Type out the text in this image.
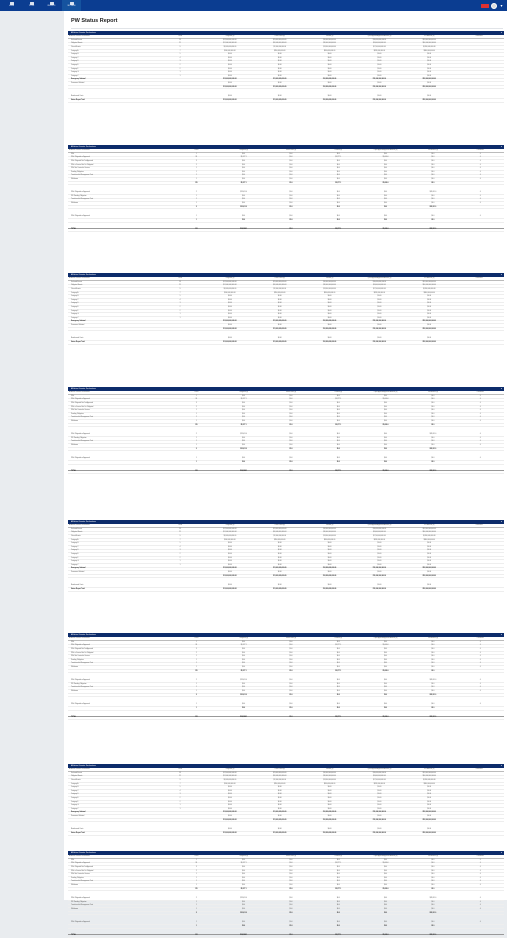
HOME	TOOLS	REPORTS	SETTINGS	▾
PW Status Report
All Active Disaster Declarations	▴
All Active Disaster Declarations	Count	Obligated ($)	Latest Work ($)	Funded ($)	Open Applied/Approved Amount ($)	PW Amount ($)	Comments
Declared Events	23	$12,000,000,000.00	$11,000,000,000.00	$9,000,000,000.00	$10,000,000,000.00	$11,000,000,000.00	
Obligated Events	21	$11,000,000,000.00	$10,000,000,000.00	$8,000,000,000.00	$9,000,000,000.00	$10,000,000,000.00	
Closed Events	9	$2,000,000,000.00	$1,900,000,000.00	$1,800,000,000.00	$1,700,000,000.00	$1,800,000,000.00	
Category A	7	$900,000,000.00	$850,000,000.00	$800,000,000.00	$820,000,000.00	$840,000,000.00	
Category B	5	$0.00	$0.00	$0.00	$0.00	$0.00	
Category C	4	$0.00	$0.00	$0.00	$0.00	$0.00	
Category D	3	$0.00	$0.00	$0.00	$0.00	$0.00	
Category E	2	$0.00	$0.00	$0.00	$0.00	$0.00	
Category F	2	$0.00	$0.00	$0.00	$0.00	$0.00	
Category G	1	$0.00	$0.00	$0.00	$0.00	$0.00	
Category Z	1	$0.00	$0.00	$0.00	$0.00	$0.00	
Emergency Subtotal		$13,000,000,000.00	$11,000,000,000.00	$12,000,000,000.00	$11,000,000,000.00	$12,000,000,000.00	
Permanent Subtotal		$0.00	$0.00	$0.00	$0.00	$0.00	
		$13,000,000,000.00	$11,000,000,000.00	$12,000,000,000.00	$11,000,000,000.00	$12,000,000,000.00	

Reimbursed Costs		$0.00	$0.00	$0.00	$0.00	$0.00	
Status Report Total		$13,000,000,000.00	$11,000,000,000.00	$12,000,000,000.00	$11,000,000,000.00	$12,000,000,000.00	
All Active Disaster Declarations	▴
All Active Disaster Declarations	Count	Obligated ($)	Latest Work ($)	Funded ($)	Open Applied/Approved Amount ($)	PW Amount ($)	Comments
PWs	1	$0.0	$0.0	$0.0	$0.0	$0.0	0
PWs Obligated as Approved	24	$5,377.1	$0.0	$5,377.1	$5,000.0	$0.0	0
PWs Obligated Not Yet Approved	3	$0.0	$0.0	$0.0	$0.0	$0.0	0
PWs in Version Not Yet Obligated	2	$0.0	$0.0	$0.0	$0.0	$0.0	0
PWs Not Created in Version	1	$0.0	$0.0	$0.0	$0.0	$0.0	0
Pending Obligation	1	$0.0	$0.0	$0.0	$0.0	$0.0	0
Transferred to Management Cost	1	$0.0	$0.0	$0.0	$0.0	$0.0	0
Withdrawn	1	$0.0	$0.0	$0.0	$0.0	$0.0	0
	115	$5,377.1	$0.0	$5,377.1	$5,000.0	$0.0	

PWs Obligated as Approved	2	$23,011.0	$0.0	$0.0	$0.0	$23,011.0	0
PW Pending Obligation	1	$0.0	$0.0	$0.0	$0.0	$0.0	0
Transferred to Management Cost	1	$0.0	$0.0	$0.0	$0.0	$0.0	0
Withdrawn	1	$0.0	$0.0	$0.0	$0.0	$0.0	0
	5	$23,011.0	$0.0	$0.0	$0.0	$23,011.0	

PWs Obligated as Approved	1	$0.0	$0.0	$0.0	$0.0	$0.0	0
	1	$0.0	$0.0	$0.0	$0.0	$0.0	

TOTAL	121	$28,388.1	$0.0	$5,377.1	$5,000.0	$23,011.0	
All Active Disaster Declarations	▴
All Active Disaster Declarations	Count	Obligated ($)	Latest Work ($)	Funded ($)	Open Applied/Approved Amount ($)	PW Amount ($)	Comments
Declared Events	23	$12,000,000,000.00	$11,000,000,000.00	$9,000,000,000.00	$10,000,000,000.00	$11,000,000,000.00	
Obligated Events	21	$11,000,000,000.00	$10,000,000,000.00	$8,000,000,000.00	$9,000,000,000.00	$10,000,000,000.00	
Closed Events	9	$2,000,000,000.00	$1,900,000,000.00	$1,800,000,000.00	$1,700,000,000.00	$1,800,000,000.00	
Category A	7	$900,000,000.00	$850,000,000.00	$800,000,000.00	$820,000,000.00	$840,000,000.00	
Category B	5	$0.00	$0.00	$0.00	$0.00	$0.00	
Category C	4	$0.00	$0.00	$0.00	$0.00	$0.00	
Category D	3	$0.00	$0.00	$0.00	$0.00	$0.00	
Category E	2	$0.00	$0.00	$0.00	$0.00	$0.00	
Category F	2	$0.00	$0.00	$0.00	$0.00	$0.00	
Category G	1	$0.00	$0.00	$0.00	$0.00	$0.00	
Category Z	1	$0.00	$0.00	$0.00	$0.00	$0.00	
Emergency Subtotal		$13,000,000,000.00	$11,000,000,000.00	$12,000,000,000.00	$11,000,000,000.00	$12,000,000,000.00	
Permanent Subtotal		$0.00	$0.00	$0.00	$0.00	$0.00	
		$13,000,000,000.00	$11,000,000,000.00	$12,000,000,000.00	$11,000,000,000.00	$12,000,000,000.00	

Reimbursed Costs		$0.00	$0.00	$0.00	$0.00	$0.00	
Status Report Total		$13,000,000,000.00	$11,000,000,000.00	$12,000,000,000.00	$11,000,000,000.00	$12,000,000,000.00	
All Active Disaster Declarations	▴
All Active Disaster Declarations	Count	Obligated ($)	Latest Work ($)	Funded ($)	Open Applied/Approved Amount ($)	PW Amount ($)	Comments
PWs	1	$0.0	$0.0	$0.0	$0.0	$0.0	0
PWs Obligated as Approved	24	$5,377.1	$0.0	$5,377.1	$5,000.0	$0.0	0
PWs Obligated Not Yet Approved	3	$0.0	$0.0	$0.0	$0.0	$0.0	0
PWs in Version Not Yet Obligated	2	$0.0	$0.0	$0.0	$0.0	$0.0	0
PWs Not Created in Version	1	$0.0	$0.0	$0.0	$0.0	$0.0	0
Pending Obligation	1	$0.0	$0.0	$0.0	$0.0	$0.0	0
Transferred to Management Cost	1	$0.0	$0.0	$0.0	$0.0	$0.0	0
Withdrawn	1	$0.0	$0.0	$0.0	$0.0	$0.0	0
	115	$5,377.1	$0.0	$5,377.1	$5,000.0	$0.0	

PWs Obligated as Approved	2	$23,011.0	$0.0	$0.0	$0.0	$23,011.0	0
PW Pending Obligation	1	$0.0	$0.0	$0.0	$0.0	$0.0	0
Transferred to Management Cost	1	$0.0	$0.0	$0.0	$0.0	$0.0	0
Withdrawn	1	$0.0	$0.0	$0.0	$0.0	$0.0	0
	5	$23,011.0	$0.0	$0.0	$0.0	$23,011.0	

PWs Obligated as Approved	1	$0.0	$0.0	$0.0	$0.0	$0.0	0
	1	$0.0	$0.0	$0.0	$0.0	$0.0	

TOTAL	121	$28,388.1	$0.0	$5,377.1	$5,000.0	$23,011.0	
All Active Disaster Declarations	▴
All Active Disaster Declarations	Count	Obligated ($)	Latest Work ($)	Funded ($)	Open Applied/Approved Amount ($)	PW Amount ($)	Comments
Declared Events	23	$12,000,000,000.00	$11,000,000,000.00	$9,000,000,000.00	$10,000,000,000.00	$11,000,000,000.00	
Obligated Events	21	$11,000,000,000.00	$10,000,000,000.00	$8,000,000,000.00	$9,000,000,000.00	$10,000,000,000.00	
Closed Events	9	$2,000,000,000.00	$1,900,000,000.00	$1,800,000,000.00	$1,700,000,000.00	$1,800,000,000.00	
Category A	7	$900,000,000.00	$850,000,000.00	$800,000,000.00	$820,000,000.00	$840,000,000.00	
Category B	5	$0.00	$0.00	$0.00	$0.00	$0.00	
Category C	4	$0.00	$0.00	$0.00	$0.00	$0.00	
Category D	3	$0.00	$0.00	$0.00	$0.00	$0.00	
Category E	2	$0.00	$0.00	$0.00	$0.00	$0.00	
Category F	2	$0.00	$0.00	$0.00	$0.00	$0.00	
Category G	1	$0.00	$0.00	$0.00	$0.00	$0.00	
Category Z	1	$0.00	$0.00	$0.00	$0.00	$0.00	
Emergency Subtotal		$13,000,000,000.00	$11,000,000,000.00	$12,000,000,000.00	$11,000,000,000.00	$12,000,000,000.00	
Permanent Subtotal		$0.00	$0.00	$0.00	$0.00	$0.00	
		$13,000,000,000.00	$11,000,000,000.00	$12,000,000,000.00	$11,000,000,000.00	$12,000,000,000.00	

Reimbursed Costs		$0.00	$0.00	$0.00	$0.00	$0.00	
Status Report Total		$13,000,000,000.00	$11,000,000,000.00	$12,000,000,000.00	$11,000,000,000.00	$12,000,000,000.00	
All Active Disaster Declarations	▴
All Active Disaster Declarations	Count	Obligated ($)	Latest Work ($)	Funded ($)	Open Applied/Approved Amount ($)	PW Amount ($)	Comments
PWs	1	$0.0	$0.0	$0.0	$0.0	$0.0	0
PWs Obligated as Approved	24	$5,377.1	$0.0	$5,377.1	$5,000.0	$0.0	0
PWs Obligated Not Yet Approved	3	$0.0	$0.0	$0.0	$0.0	$0.0	0
PWs in Version Not Yet Obligated	2	$0.0	$0.0	$0.0	$0.0	$0.0	0
PWs Not Created in Version	1	$0.0	$0.0	$0.0	$0.0	$0.0	0
Pending Obligation	1	$0.0	$0.0	$0.0	$0.0	$0.0	0
Transferred to Management Cost	1	$0.0	$0.0	$0.0	$0.0	$0.0	0
Withdrawn	1	$0.0	$0.0	$0.0	$0.0	$0.0	0
	115	$5,377.1	$0.0	$5,377.1	$5,000.0	$0.0	

PWs Obligated as Approved	2	$23,011.0	$0.0	$0.0	$0.0	$23,011.0	0
PW Pending Obligation	1	$0.0	$0.0	$0.0	$0.0	$0.0	0
Transferred to Management Cost	1	$0.0	$0.0	$0.0	$0.0	$0.0	0
Withdrawn	1	$0.0	$0.0	$0.0	$0.0	$0.0	0
	5	$23,011.0	$0.0	$0.0	$0.0	$23,011.0	

PWs Obligated as Approved	1	$0.0	$0.0	$0.0	$0.0	$0.0	0
	1	$0.0	$0.0	$0.0	$0.0	$0.0	

TOTAL	121	$28,388.1	$0.0	$5,377.1	$5,000.0	$23,011.0	
All Active Disaster Declarations	▴
All Active Disaster Declarations	Count	Obligated ($)	Latest Work ($)	Funded ($)	Open Applied/Approved Amount ($)	PW Amount ($)	Comments
Declared Events	23	$12,000,000,000.00	$11,000,000,000.00	$9,000,000,000.00	$10,000,000,000.00	$11,000,000,000.00	
Obligated Events	21	$11,000,000,000.00	$10,000,000,000.00	$8,000,000,000.00	$9,000,000,000.00	$10,000,000,000.00	
Closed Events	9	$2,000,000,000.00	$1,900,000,000.00	$1,800,000,000.00	$1,700,000,000.00	$1,800,000,000.00	
Category A	7	$900,000,000.00	$850,000,000.00	$800,000,000.00	$820,000,000.00	$840,000,000.00	
Category B	5	$0.00	$0.00	$0.00	$0.00	$0.00	
Category C	4	$0.00	$0.00	$0.00	$0.00	$0.00	
Category D	3	$0.00	$0.00	$0.00	$0.00	$0.00	
Category E	2	$0.00	$0.00	$0.00	$0.00	$0.00	
Category F	2	$0.00	$0.00	$0.00	$0.00	$0.00	
Category G	1	$0.00	$0.00	$0.00	$0.00	$0.00	
Category Z	1	$0.00	$0.00	$0.00	$0.00	$0.00	
Emergency Subtotal		$13,000,000,000.00	$11,000,000,000.00	$12,000,000,000.00	$11,000,000,000.00	$12,000,000,000.00	
Permanent Subtotal		$0.00	$0.00	$0.00	$0.00	$0.00	
		$13,000,000,000.00	$11,000,000,000.00	$12,000,000,000.00	$11,000,000,000.00	$12,000,000,000.00	

Reimbursed Costs		$0.00	$0.00	$0.00	$0.00	$0.00	
Status Report Total		$13,000,000,000.00	$11,000,000,000.00	$12,000,000,000.00	$11,000,000,000.00	$12,000,000,000.00	
All Active Disaster Declarations	▴
All Active Disaster Declarations	Count	Obligated ($)	Latest Work ($)	Funded ($)	Open Applied/Approved Amount ($)	PW Amount ($)	Comments
PWs	1	$0.0	$0.0	$0.0	$0.0	$0.0	0
PWs Obligated as Approved	24	$5,377.1	$0.0	$5,377.1	$5,000.0	$0.0	0
PWs Obligated Not Yet Approved	3	$0.0	$0.0	$0.0	$0.0	$0.0	0
PWs in Version Not Yet Obligated	2	$0.0	$0.0	$0.0	$0.0	$0.0	0
PWs Not Created in Version	1	$0.0	$0.0	$0.0	$0.0	$0.0	0
Pending Obligation	1	$0.0	$0.0	$0.0	$0.0	$0.0	0
Transferred to Management Cost	1	$0.0	$0.0	$0.0	$0.0	$0.0	0
Withdrawn	1	$0.0	$0.0	$0.0	$0.0	$0.0	0
	115	$5,377.1	$0.0	$5,377.1	$5,000.0	$0.0	

PWs Obligated as Approved	2	$23,011.0	$0.0	$0.0	$0.0	$23,011.0	0
PW Pending Obligation	1	$0.0	$0.0	$0.0	$0.0	$0.0	0
Transferred to Management Cost	1	$0.0	$0.0	$0.0	$0.0	$0.0	0
Withdrawn	1	$0.0	$0.0	$0.0	$0.0	$0.0	0
	5	$23,011.0	$0.0	$0.0	$0.0	$23,011.0	

PWs Obligated as Approved	1	$0.0	$0.0	$0.0	$0.0	$0.0	0
	1	$0.0	$0.0	$0.0	$0.0	$0.0	

TOTAL	121	$28,388.1	$0.0	$5,377.1	$5,000.0	$23,011.0	
